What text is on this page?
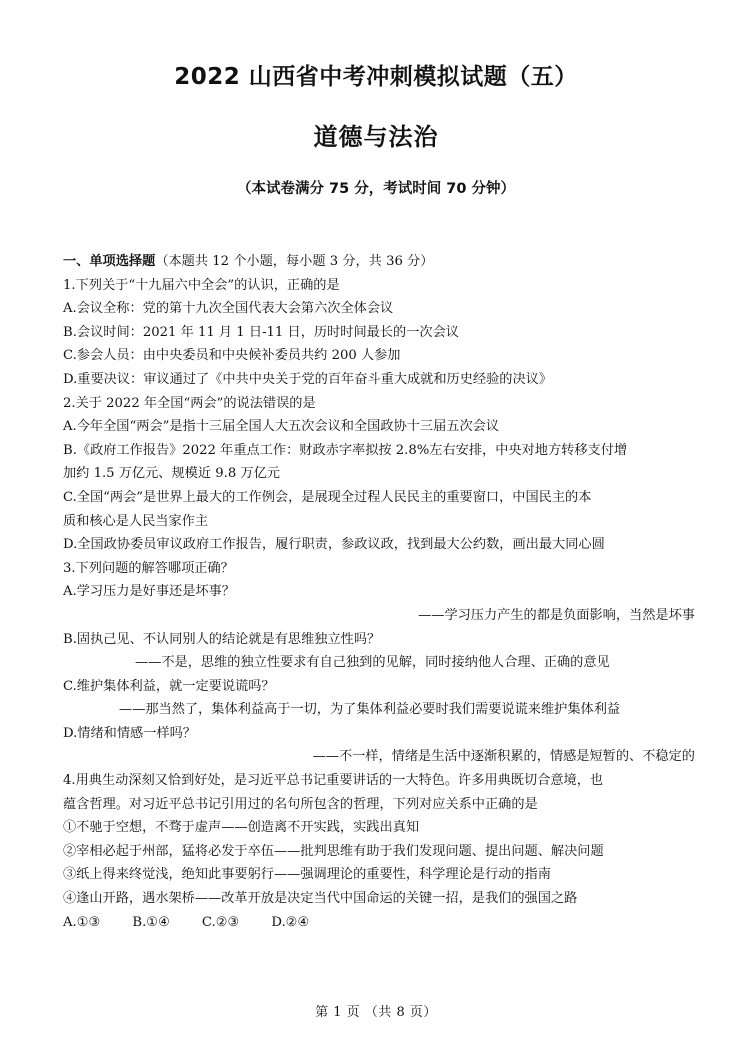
2022 山西省中考冲刺模拟试题（五）
道德与法治
（本试卷满分 75 分，考试时间 70 分钟）
一、单项选择题（本题共 12 个小题，每小题 3 分，共 36 分）
1.下列关于“十九届六中全会”的认识，正确的是
A.会议全称：党的第十九次全国代表大会第六次全体会议
B.会议时间：2021 年 11 月 1 日-11 日，历时时间最长的一次会议
C.参会人员：由中央委员和中央候补委员共约 200 人参加
D.重要决议：审议通过了《中共中央关于党的百年奋斗重大成就和历史经验的决议》
2.关于 2022 年全国“两会”的说法错误的是
A.今年全国“两会”是指十三届全国人大五次会议和全国政协十三届五次会议
B.《政府工作报告》2022 年重点工作：财政赤字率拟按 2.8%左右安排，中央对地方转移支付增
加约 1.5 万亿元、规模近 9.8 万亿元
C.全国“两会”是世界上最大的工作例会，是展现全过程人民民主的重要窗口，中国民主的本
质和核心是人民当家作主
D.全国政协委员审议政府工作报告，履行职责，参政议政，找到最大公约数，画出最大同心圆
3.下列问题的解答哪项正确？
A.学习压力是好事还是坏事？
——学习压力产生的都是负面影响，当然是坏事
B.固执己见、不认同别人的结论就是有思维独立性吗？
——不是，思维的独立性要求有自己独到的见解，同时接纳他人合理、正确的意见
C.维护集体利益，就一定要说谎吗？
——那当然了，集体利益高于一切，为了集体利益必要时我们需要说谎来维护集体利益
D.情绪和情感一样吗？
——不一样，情绪是生活中逐渐积累的，情感是短暂的、不稳定的
4.用典生动深刻又恰到好处，是习近平总书记重要讲话的一大特色。许多用典既切合意境，也
蕴含哲理。对习近平总书记引用过的名句所包含的哲理，下列对应关系中正确的是
①不驰于空想，不骛于虚声——创造离不开实践，实践出真知
②宰相必起于州部，猛将必发于卒伍——批判思维有助于我们发现问题、提出问题、解决问题
③纸上得来终觉浅，绝知此事要躬行——强调理论的重要性，科学理论是行动的指南
④逢山开路，遇水架桥——改革开放是决定当代中国命运的关键一招，是我们的强国之路
A.①③ B.①④ C.②③ D.②④
第 1 页 （共 8 页）
